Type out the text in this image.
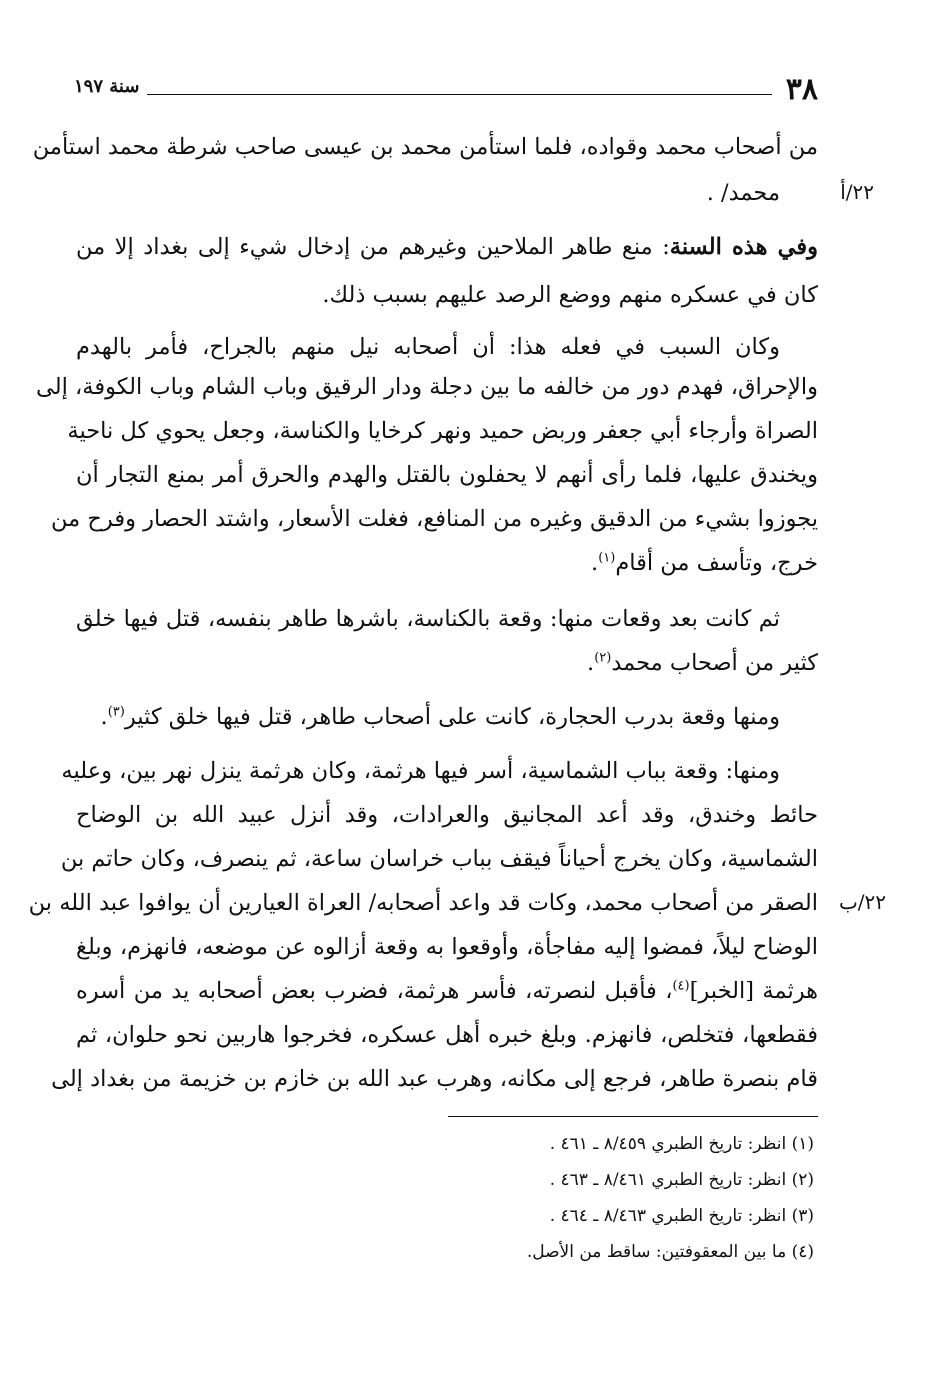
٣٨
سنة ١٩٧
من أصحاب محمد وقواده، فلما استأمن محمد بن عيسى صاحب شرطة محمد استأمن
محمد/ .	٢٢/أ
وفي هذه السنة: منع طاهر الملاحين وغيرهم من إدخال شيء إلى بغداد إلا من
كان في عسكره منهم ووضع الرصد عليهم بسبب ذلك.
وكان السبب في فعله هذا: أن أصحابه نيل منهم بالجراح، فأمر بالهدم
والإحراق، فهدم دور من خالفه ما بين دجلة ودار الرقيق وباب الشام وباب الكوفة، إلى
الصراة وأرجاء أبي جعفر وربض حميد ونهر كرخايا والكناسة، وجعل يحوي كل ناحية
ويخندق عليها، فلما رأى أنهم لا يحفلون بالقتل والهدم والحرق أمر بمنع التجار أن
يجوزوا بشيء من الدقيق وغيره من المنافع، فغلت الأسعار، واشتد الحصار وفرح من
خرج، وتأسف من أقام$^{(١)}$.
ثم كانت بعد وقعات منها: وقعة بالكناسة، باشرها طاهر بنفسه، قتل فيها خلق
كثير من أصحاب محمد$^{(٢)}$.
ومنها وقعة بدرب الحجارة، كانت على أصحاب طاهر، قتل فيها خلق كثير$^{(٣)}$.
ومنها: وقعة بباب الشماسية، أسر فيها هرثمة، وكان هرثمة ينزل نهر بين، وعليه
حائط وخندق، وقد أعد المجانيق والعرادات، وقد أنزل عبيد الله بن الوضاح
الشماسية، وكان يخرج أحياناً فيقف بباب خراسان ساعة، ثم ينصرف، وكان حاتم بن
الصقر من أصحاب محمد، وكات قد واعد أصحابه/ العراة العيارين أن يوافوا عبد الله بن ٢٢/ب
الوضاح ليلاً، فمضوا إليه مفاجأة، وأوقعوا به وقعة أزالوه عن موضعه، فانهزم، وبلغ
هرثمة [الخبر]$^{(٤)}$، فأقبل لنصرته، فأسر هرثمة، فضرب بعض أصحابه يد من أسره
فقطعها، فتخلص، فانهزم. وبلغ خبره أهل عسكره، فخرجوا هاربين نحو حلوان، ثم
قام بنصرة طاهر، فرجع إلى مكانه، وهرب عبد الله بن خازم بن خزيمة من بغداد إلى
(١) انظر: تاريخ الطبري ٨/٤٥٩ ـ ٤٦١ .
(٢) انظر: تاريخ الطبري ٨/٤٦١ ـ ٤٦٣ .
(٣) انظر: تاريخ الطبري ٨/٤٦٣ ـ ٤٦٤ .
(٤) ما بين المعقوفتين: ساقط من الأصل.
